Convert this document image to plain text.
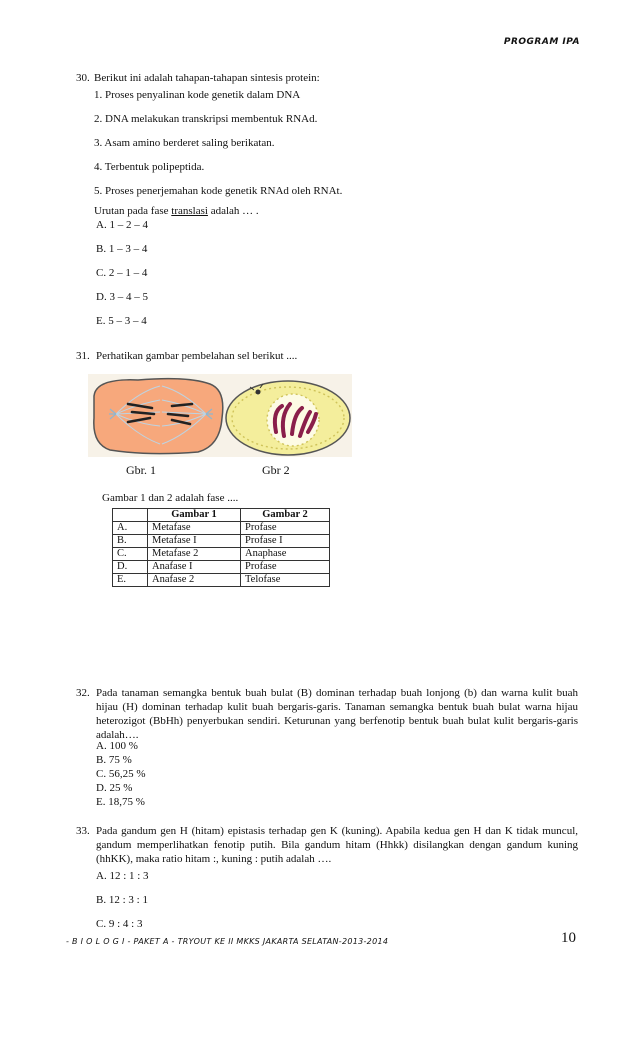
PROGRAM IPA
30. Berikut ini adalah tahapan-tahapan sintesis protein:
1. Proses penyalinan kode genetik dalam DNA
2. DNA melakukan transkripsi membentuk RNAd.
3. Asam amino berderet saling berikatan.
4. Terbentuk polipeptida.
5. Proses penerjemahan kode genetik RNAd oleh RNAt.
Urutan pada fase translasi adalah … .
A. 1 – 2 – 4
B. 1 – 3 – 4
C. 2 – 1 – 4
D. 3 – 4 – 5
E. 5 – 3 – 4
31. Perhatikan gambar pembelahan sel berikut ....
Gbr. 1	Gbr 2
Gambar 1 dan 2 adalah fase ....
	Gambar 1	Gambar 2
A.	Metafase	Profase
B.	Metafase I	Profase I
C.	Metafase 2	Anaphase
D.	Anafase I	Profase
E.	Anafase 2	Telofase
32. Pada tanaman semangka bentuk buah bulat (B) dominan terhadap buah lonjong (b) dan warna kulit buah hijau (H) dominan terhadap kulit buah bergaris-garis. Tanaman semangka bentuk buah bulat warna hijau heterozigot (BbHh) penyerbukan sendiri. Keturunan yang berfenotip bentuk buah bulat kulit bergaris-garis adalah….
A. 100 %
B. 75 %
C. 56,25 %
D. 25 %
E. 18,75 %
33. Pada gandum gen H (hitam) epistasis terhadap gen K (kuning). Apabila kedua gen H dan K tidak muncul, gandum memperlihatkan fenotip putih. Bila gandum hitam (Hhkk) disilangkan dengan gandum kuning (hhKK), maka ratio hitam :, kuning : putih adalah ….
A. 12 : 1 : 3
B. 12 : 3 : 1
C. 9 : 4 : 3
- B I O L O G I - PAKET A - TRYOUT KE II MKKS JAKARTA SELATAN-2013-2014	10
